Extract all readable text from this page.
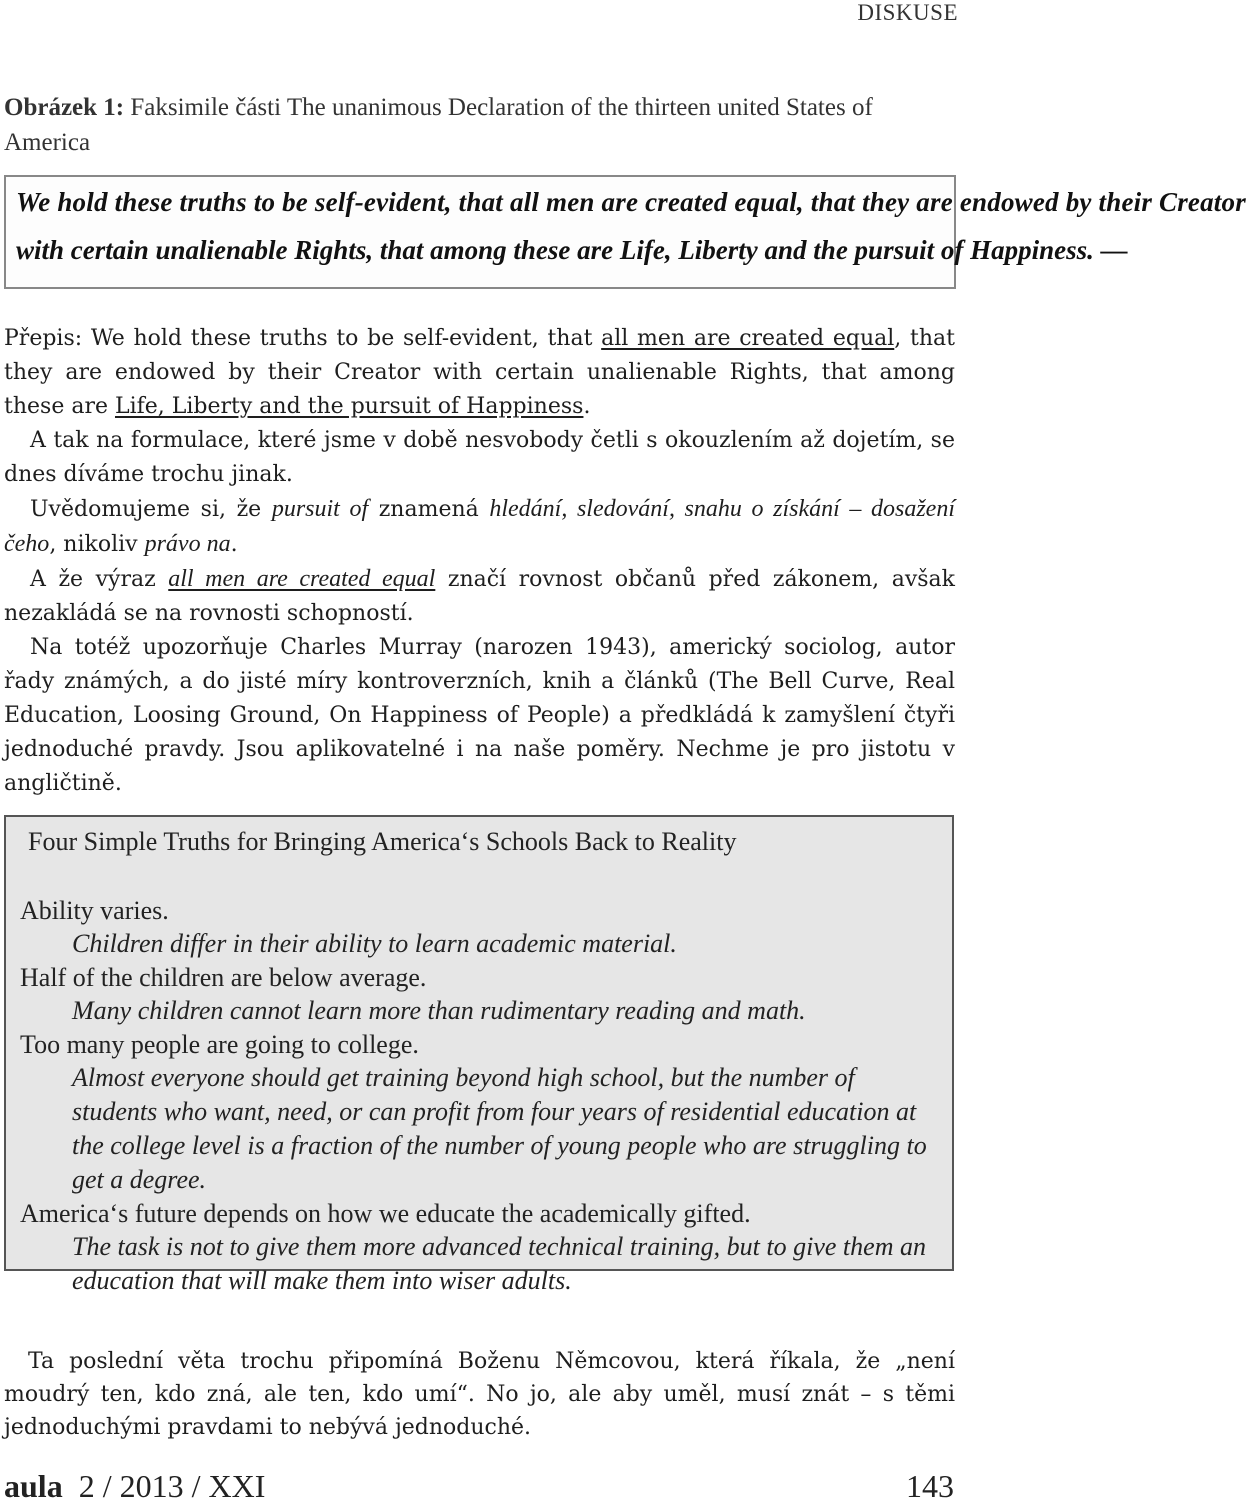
DISKUSE
Obrázek 1: Faksimile části The unanimous Declaration of the thirteen united States of America
We hold these truths to be self-evident, that all men are created equal, that they are endowed by their Creator
with certain unalienable Rights, that among these are Life, Liberty and the pursuit of Happiness. —

Přepis: We hold these truths to be self-evident, that all men are created equal, that they are endowed by their Creator with certain unalienable Rights, that among these are Life, Liberty and the pursuit of Happiness.

A tak na formulace, které jsme v době nesvobody četli s okouzlením až dojetím, se dnes díváme trochu jinak.

Uvědomujeme si, že pursuit of znamená hledání, sledování, snahu o získání – dosažení čeho, nikoliv právo na.

A že výraz all men are created equal značí rovnost občanů před zákonem, avšak nezakládá se na rovnosti schopností.

Na totéž upozorňuje Charles Murray (narozen 1943), americký sociolog, autor řady známých, a do jisté míry kontroverzních, knih a článků (The Bell Curve, Real Education, Loosing Ground, On Happiness of People) a předkládá k zamyšlení čtyři jednoduché pravdy. Jsou aplikovatelné i na naše poměry. Nechme je pro jistotu v angličtině.

Four Simple Truths for Bringing America‘s Schools Back to Reality
Ability varies.
Children differ in their ability to learn academic material.
Half of the children are below average.
Many children cannot learn more than rudimentary reading and math.
Too many people are going to college.
Almost everyone should get training beyond high school, but the number of students who want, need, or can profit from four years of residential education at the college level is a fraction of the number of young people who are struggling to get a degree.
America‘s future depends on how we educate the academically gifted.
The task is not to give them more advanced technical training, but to give them an education that will make them into wiser adults.

Ta poslední věta trochu připomíná Boženu Němcovou, která říkala, že „není moudrý ten, kdo zná, ale ten, kdo umí“. No jo, ale aby uměl, musí znát – s těmi jednoduchými pravdami to nebývá jednoduché.

aula 2 / 2013 / XXI	143
